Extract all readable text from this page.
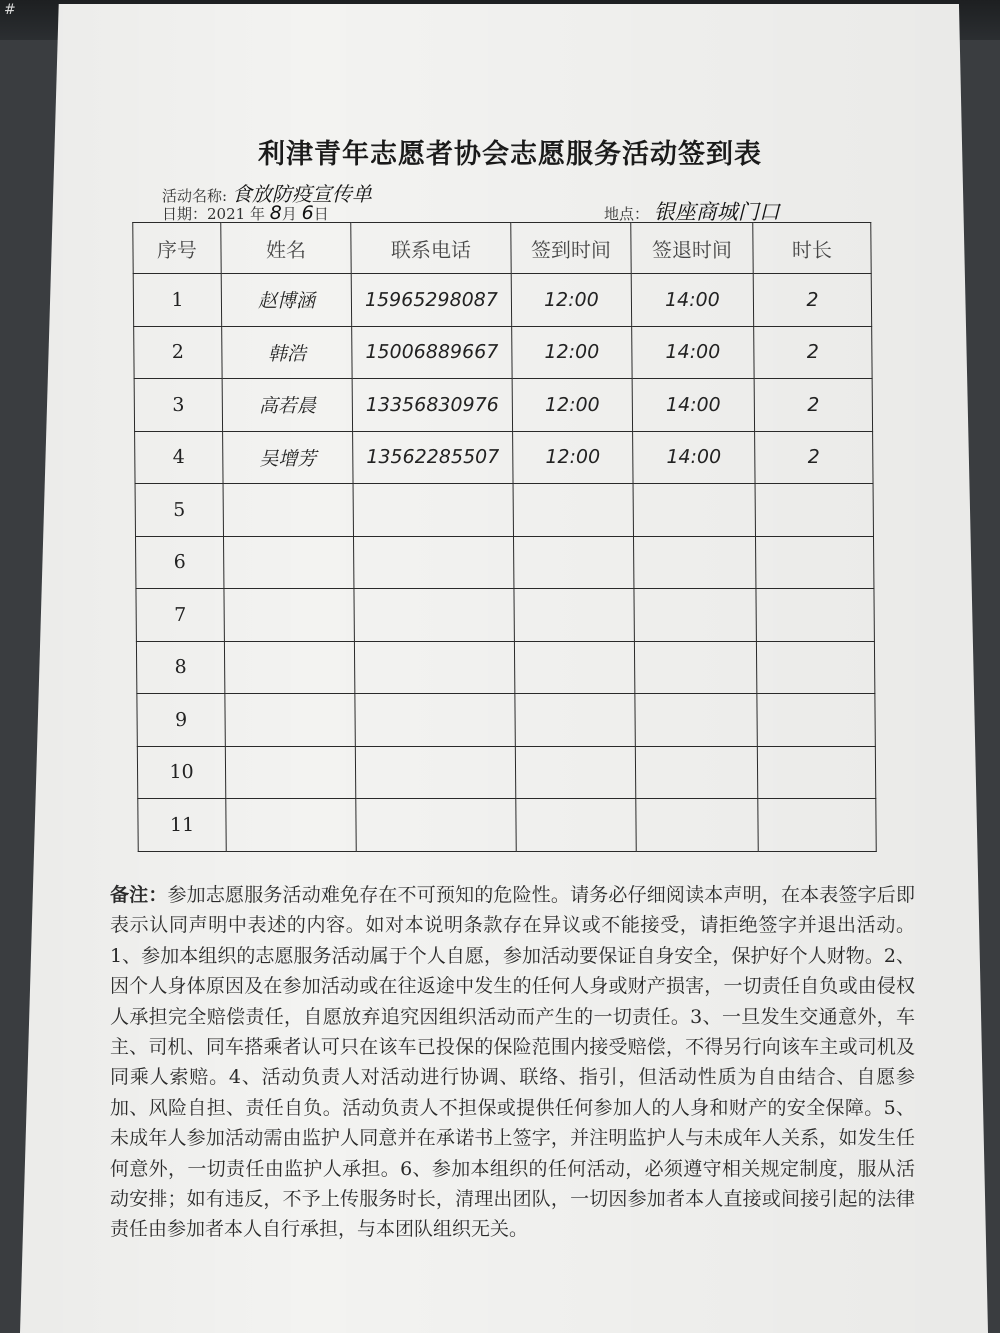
#
利津青年志愿者协会志愿服务活动签到表
活动名称: 食放防疫宣传单
日期：2021 年 8月 6日	地点： 银座商城门口
序号	姓名	联系电话	签到时间	签退时间	时长
1	赵博涵	15965298087	12:00	14:00	2
2	韩浩	15006889667	12:00	14:00	2
3	高若晨	13356830976	12:00	14:00	2
4	吴增芳	13562285507	12:00	14:00	2
5					
6					
7					
8					
9					
10					
11					
备注：参加志愿服务活动难免存在不可预知的危险性。请务必仔细阅读本声明，在本表签字后即表示认同声明中表述的内容。如对本说明条款存在异议或不能接受，请拒绝签字并退出活动。 1、参加本组织的志愿服务活动属于个人自愿，参加活动要保证自身安全，保护好个人财物。2、因个人身体原因及在参加活动或在往返途中发生的任何人身或财产损害，一切责任自负或由侵权人承担完全赔偿责任，自愿放弃追究因组织活动而产生的一切责任。3、一旦发生交通意外，车主、司机、同车搭乘者认可只在该车已投保的保险范围内接受赔偿，不得另行向该车主或司机及同乘人索赔。4、活动负责人对活动进行协调、联络、指引，但活动性质为自由结合、自愿参加、风险自担、责任自负。活动负责人不担保或提供任何参加人的人身和财产的安全保障。5、未成年人参加活动需由监护人同意并在承诺书上签字，并注明监护人与未成年人关系，如发生任何意外，一切责任由监护人承担。6、参加本组织的任何活动，必须遵守相关规定制度，服从活动安排；如有违反，不予上传服务时长，清理出团队，一切因参加者本人直接或间接引起的法律责任由参加者本人自行承担，与本团队组织无关。
